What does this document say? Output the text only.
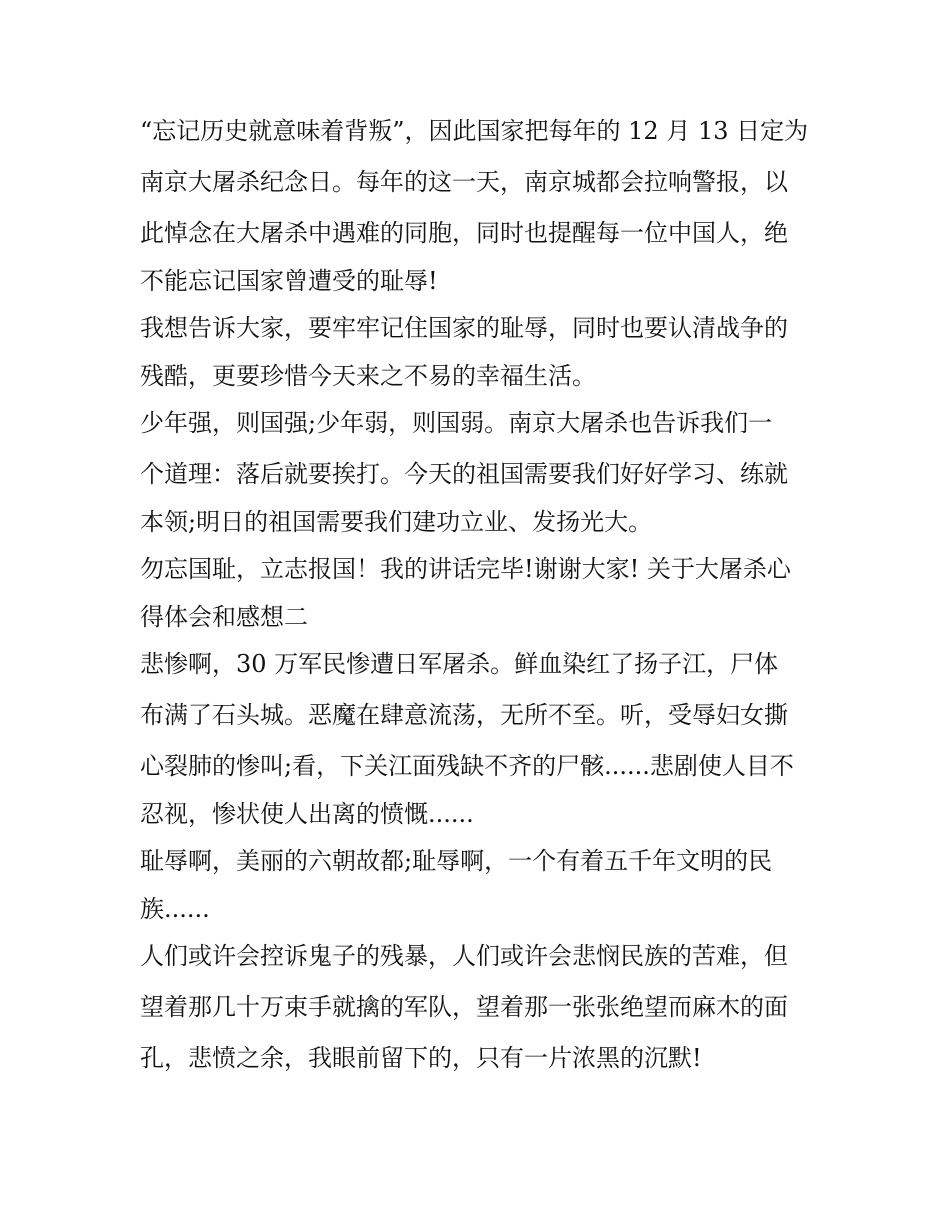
“忘记历史就意味着背叛”，因此国家把每年的 12 月 13 日定为
南京大屠杀纪念日。每年的这一天，南京城都会拉响警报，以
此悼念在大屠杀中遇难的同胞，同时也提醒每一位中国人，绝
不能忘记国家曾遭受的耻辱!
我想告诉大家，要牢牢记住国家的耻辱，同时也要认清战争的
残酷，更要珍惜今天来之不易的幸福生活。
少年强，则国强;少年弱，则国弱。南京大屠杀也告诉我们一
个道理：落后就要挨打。今天的祖国需要我们好好学习、练就
本领;明日的祖国需要我们建功立业、发扬光大。
勿忘国耻，立志报国！我的讲话完毕!谢谢大家! 关于大屠杀心
得体会和感想二
悲惨啊，30 万军民惨遭日军屠杀。鲜血染红了扬子江，尸体
布满了石头城。恶魔在肆意流荡，无所不至。听，受辱妇女撕
心裂肺的惨叫;看，下关江面残缺不齐的尸骸......悲剧使人目不
忍视，惨状使人出离的愤慨......
耻辱啊，美丽的六朝故都;耻辱啊，一个有着五千年文明的民
族......
人们或许会控诉鬼子的残暴，人们或许会悲悯民族的苦难，但
望着那几十万束手就擒的军队，望着那一张张绝望而麻木的面
孔，悲愤之余，我眼前留下的，只有一片浓黑的沉默!
